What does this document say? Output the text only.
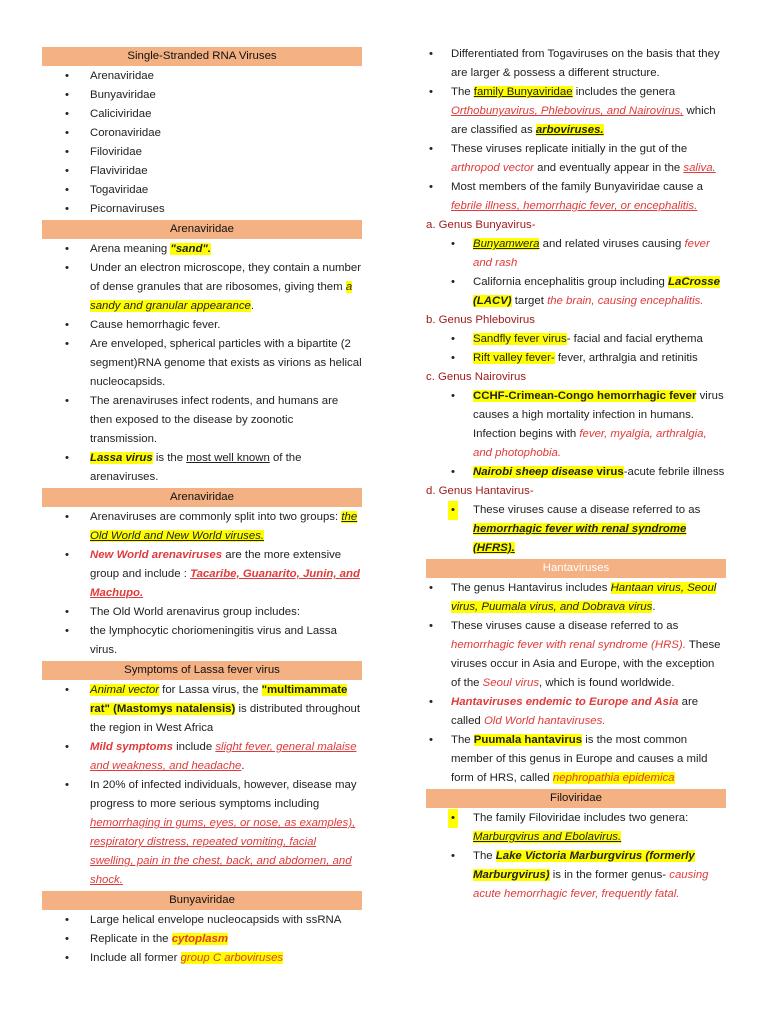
Single-Stranded RNA Viruses
• Arenaviridae
• Bunyaviridae
• Caliciviridae
• Coronaviridae
• Filoviridae
• Flaviviridae
• Togaviridae
• Picornaviruses
Arenaviridae
• Arena meaning "sand".
• Under an electron microscope, they contain a number of dense granules that are ribosomes, giving them a sandy and granular appearance.
• Cause hemorrhagic fever.
• Are enveloped, spherical particles with a bipartite (2 segment)RNA genome that exists as virions as helical nucleocapsids.
• The arenaviruses infect rodents, and humans are then exposed to the disease by zoonotic transmission.
• Lassa virus is the most well known of the arenaviruses.
Arenaviridae
• Arenaviruses are commonly split into two groups: the Old World and New World viruses.
• New World arenaviruses are the more extensive group and include : Tacaribe, Guanarito, Junin, and Machupo.
• The Old World arenavirus group includes:
• the lymphocytic choriomeningitis virus and Lassa virus.
Symptoms of Lassa fever virus
• Animal vector for Lassa virus, the "multimammate rat" (Mastomys natalensis) is distributed throughout the region in West Africa
• Mild symptoms include slight fever, general malaise and weakness, and headache.
• In 20% of infected individuals, however, disease may progress to more serious symptoms including hemorrhaging in gums, eyes, or nose, as examples), respiratory distress, repeated vomiting, facial swelling, pain in the chest, back, and abdomen, and shock.
Bunyaviridae
• Large helical envelope nucleocapsids with ssRNA
• Replicate in the cytoplasm
• Include all former group C arboviruses
• Differentiated from Togaviruses on the basis that they are larger & possess a different structure.
• The family Bunyaviridae includes the genera Orthobunyavirus, Phlebovirus, and Nairovirus, which are classified as arboviruses.
• These viruses replicate initially in the gut of the arthropod vector and eventually appear in the saliva.
• Most members of the family Bunyaviridae cause a febrile illness, hemorrhagic fever, or encephalitis.
a. Genus Bunyavirus-
• Bunyamwera and related viruses causing fever and rash
• California encephalitis group including LaCrosse (LACV) target the brain, causing encephalitis.
b. Genus Phlebovirus
• Sandfly fever virus- facial and facial erythema
• Rift valley fever- fever, arthralgia and retinitis
c. Genus Nairovirus
• CCHF-Crimean-Congo hemorrhagic fever virus causes a high mortality infection in humans. Infection begins with fever, myalgia, arthralgia, and photophobia.
• Nairobi sheep disease virus-acute febrile illness
d. Genus Hantavirus-
• These viruses cause a disease referred to as hemorrhagic fever with renal syndrome (HFRS).
Hantaviruses
• The genus Hantavirus includes Hantaan virus, Seoul virus, Puumala virus, and Dobrava virus.
• These viruses cause a disease referred to as hemorrhagic fever with renal syndrome (HRS). These viruses occur in Asia and Europe, with the exception of the Seoul virus, which is found worldwide.
• Hantaviruses endemic to Europe and Asia are called Old World hantaviruses.
• The Puumala hantavirus is the most common member of this genus in Europe and causes a mild form of HRS, called nephropathia epidemica
Filoviridae
• The family Filoviridae includes two genera: Marburgvirus and Ebolavirus.
• The Lake Victoria Marburgvirus (formerly Marburgvirus) is in the former genus- causing acute hemorrhagic fever, frequently fatal.
